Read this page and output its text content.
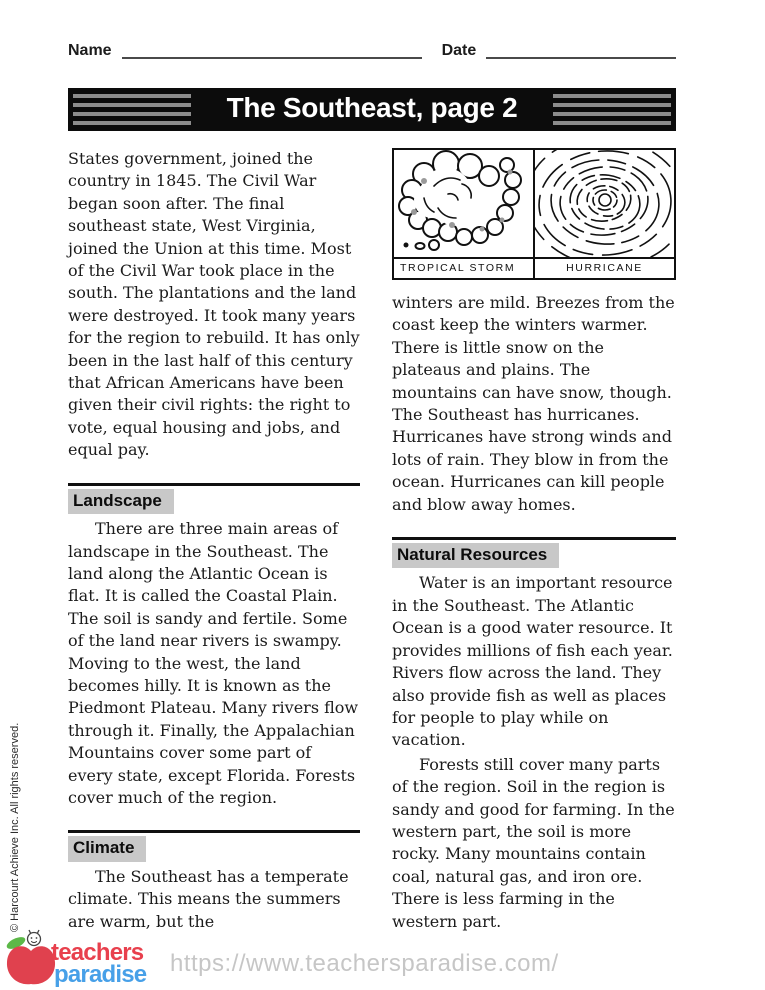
Name	Date
The Southeast, page 2

States government, joined the country in 1845. The Civil War began soon after. The final southeast state, West Virginia, joined the Union at this time. Most of the Civil War took place in the south. The plantations and the land were destroyed. It took many years for the region to rebuild. It has only been in the last half of this century that African Americans have been given their civil rights: the right to vote, equal housing and jobs, and equal pay.

Landscape

There are three main areas of landscape in the Southeast. The land along the Atlantic Ocean is flat. It is called the Coastal Plain. The soil is sandy and fertile. Some of the land near rivers is swampy. Moving to the west, the land becomes hilly. It is known as the Piedmont Plateau. Many rivers flow through it. Finally, the Appalachian Mountains cover some part of every state, except Florida. Forests cover much of the region.

Climate

The Southeast has a temperate climate. This means the summers are warm, but the

TROPICAL STORM	HURRICANE

winters are mild. Breezes from the coast keep the winters warmer. There is little snow on the plateaus and plains. The mountains can have snow, though. The Southeast has hurricanes. Hurricanes have strong winds and lots of rain. They blow in from the ocean. Hurricanes can kill people and blow away homes.

Natural Resources

Water is an important resource in the Southeast. The Atlantic Ocean is a good water resource. It provides millions of fish each year. Rivers flow across the land. They also provide fish as well as places for people to play while on vacation.

Forests still cover many parts of the region. Soil in the region is sandy and good for farming. In the western part, the soil is more rocky. Many mountains contain coal, natural gas, and iron ore. There is less farming in the western part.

© Harcourt Achieve Inc. All rights reserved.
teachers
paradise https://www.teachersparadise.com/
